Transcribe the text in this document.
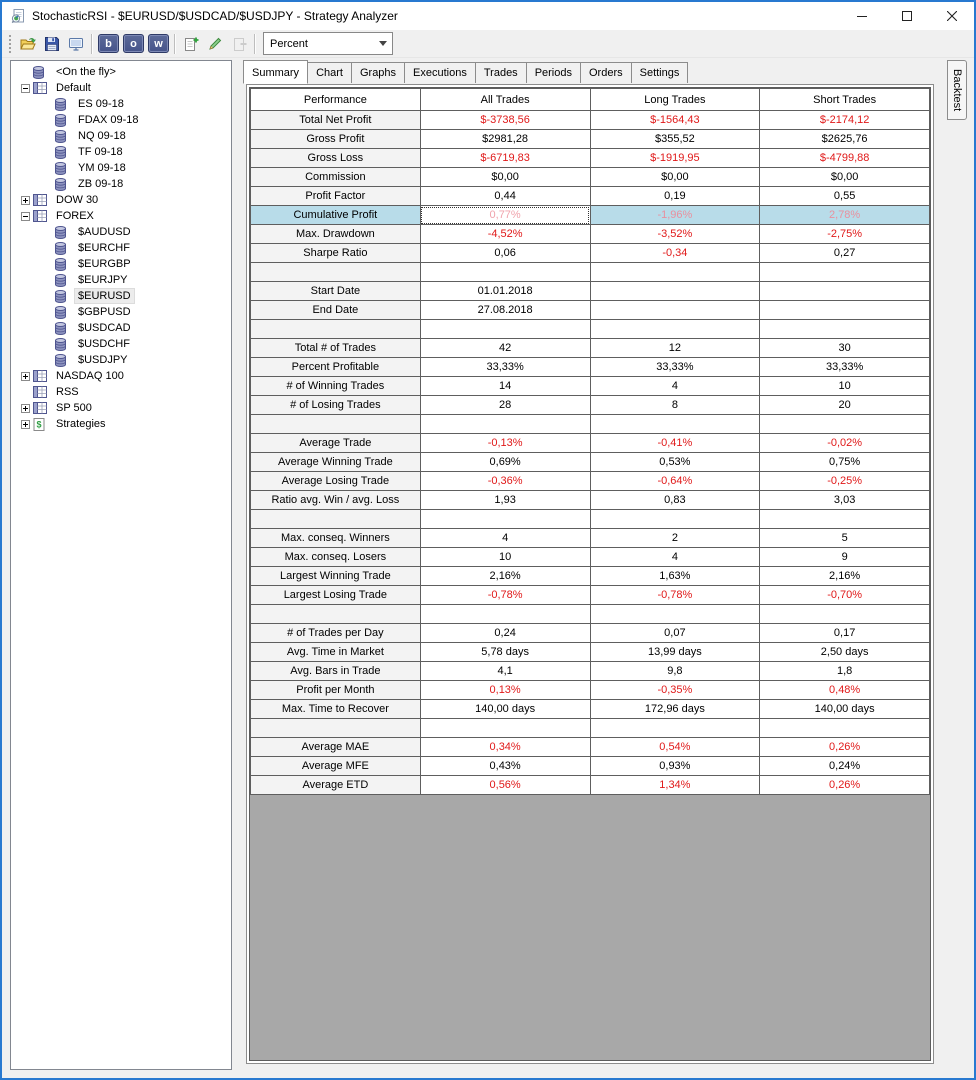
StochasticRSI - $EURUSD/$USDCAD/$USDJPY - Strategy Analyzer
b	o	w	Percent
<On the fly>
Default
ES 09-18
FDAX 09-18
NQ 09-18
TF 09-18
YM 09-18
ZB 09-18
DOW 30
FOREX
$AUDUSD
$EURCHF
$EURGBP
$EURJPY
$EURUSD
$GBPUSD
$USDCAD
$USDCHF
$USDJPY
NASDAQ 100
RSS
SP 500
$ Strategies
Summary	Chart	Graphs	Executions	Trades	Periods	Orders	Settings
Performance	All Trades	Long Trades	Short Trades
Total Net Profit	$-3738,56	$-1564,43	$-2174,12
Gross Profit	$2981,28	$355,52	$2625,76
Gross Loss	$-6719,83	$-1919,95	$-4799,88
Commission	$0,00	$0,00	$0,00
Profit Factor	0,44	0,19	0,55
Cumulative Profit	0,77%	-1,96%	2,78%
Max. Drawdown	-4,52%	-3,52%	-2,75%
Sharpe Ratio	0,06	-0,34	0,27

Start Date	01.01.2018		
End Date	27.08.2018		

Total # of Trades	42	12	30
Percent Profitable	33,33%	33,33%	33,33%
# of Winning Trades	14	4	10
# of Losing Trades	28	8	20

Average Trade	-0,13%	-0,41%	-0,02%
Average Winning Trade	0,69%	0,53%	0,75%
Average Losing Trade	-0,36%	-0,64%	-0,25%
Ratio avg. Win / avg. Loss	1,93	0,83	3,03

Max. conseq. Winners	4	2	5
Max. conseq. Losers	10	4	9
Largest Winning Trade	2,16%	1,63%	2,16%
Largest Losing Trade	-0,78%	-0,78%	-0,70%

# of Trades per Day	0,24	0,07	0,17
Avg. Time in Market	5,78 days	13,99 days	2,50 days
Avg. Bars in Trade	4,1	9,8	1,8
Profit per Month	0,13%	-0,35%	0,48%
Max. Time to Recover	140,00 days	172,96 days	140,00 days

Average MAE	0,34%	0,54%	0,26%
Average MFE	0,43%	0,93%	0,24%
Average ETD	0,56%	1,34%	0,26%
Backtest
